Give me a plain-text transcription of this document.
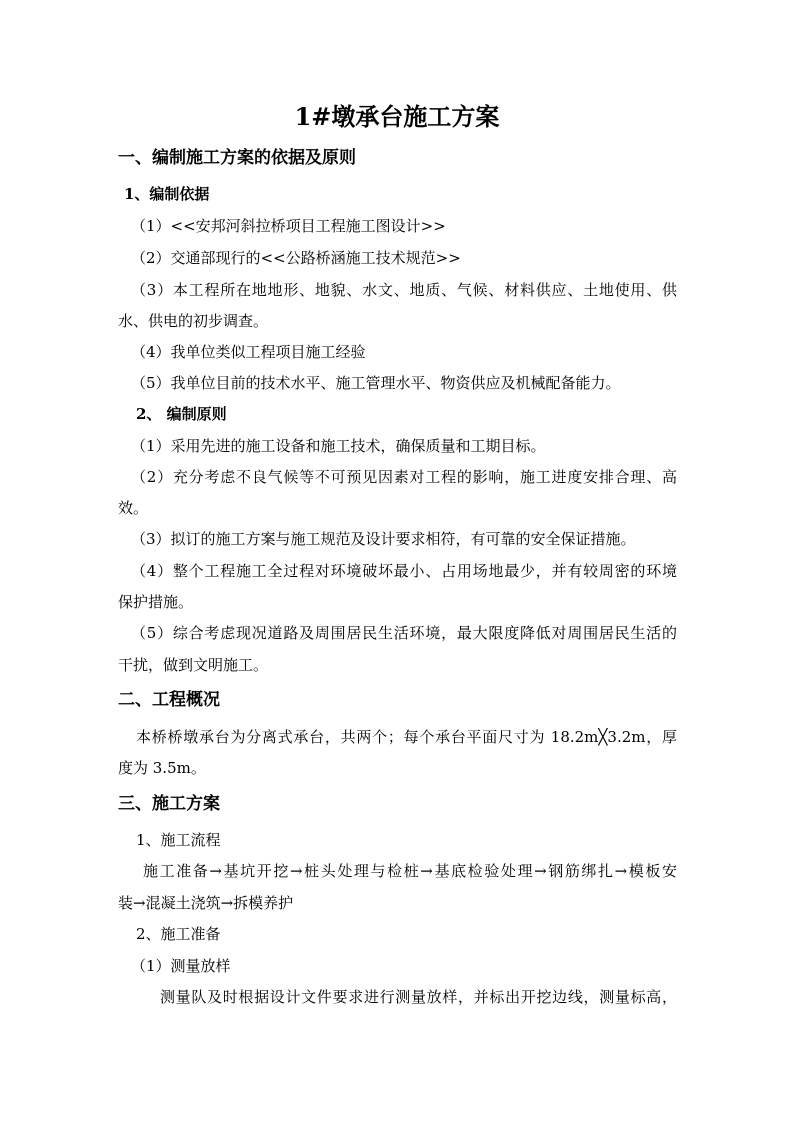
1#墩承台施工方案
一、编制施工方案的依据及原则
1、编制依据
（1）<<安邦河斜拉桥项目工程施工图设计>>
（2）交通部现行的<<公路桥涵施工技术规范>>
（3）本工程所在地地形、地貌、水文、地质、气候、材料供应、土地使用、供
水、供电的初步调查。
（4）我单位类似工程项目施工经验
（5）我单位目前的技术水平、施工管理水平、物资供应及机械配备能力。
2、 编制原则
（1）采用先进的施工设备和施工技术，确保质量和工期目标。
（2）充分考虑不良气候等不可预见因素对工程的影响，施工进度安排合理、高
效。
（3）拟订的施工方案与施工规范及设计要求相符，有可靠的安全保证措施。
（4）整个工程施工全过程对环境破坏最小、占用场地最少，并有较周密的环境
保护措施。
（5）综合考虑现况道路及周围居民生活环境，最大限度降低对周围居民生活的
干扰，做到文明施工。
二、工程概况
本桥桥墩承台为分离式承台，共两个；每个承台平面尺寸为 18.2m╳3.2m，厚
度为 3.5m。
三、施工方案
1、施工流程
施工准备→基坑开挖→桩头处理与检桩→基底检验处理→钢筋绑扎→模板安
装→混凝土浇筑→拆模养护
2、施工准备
（1）测量放样
测量队及时根据设计文件要求进行测量放样，并标出开挖边线，测量标高，
